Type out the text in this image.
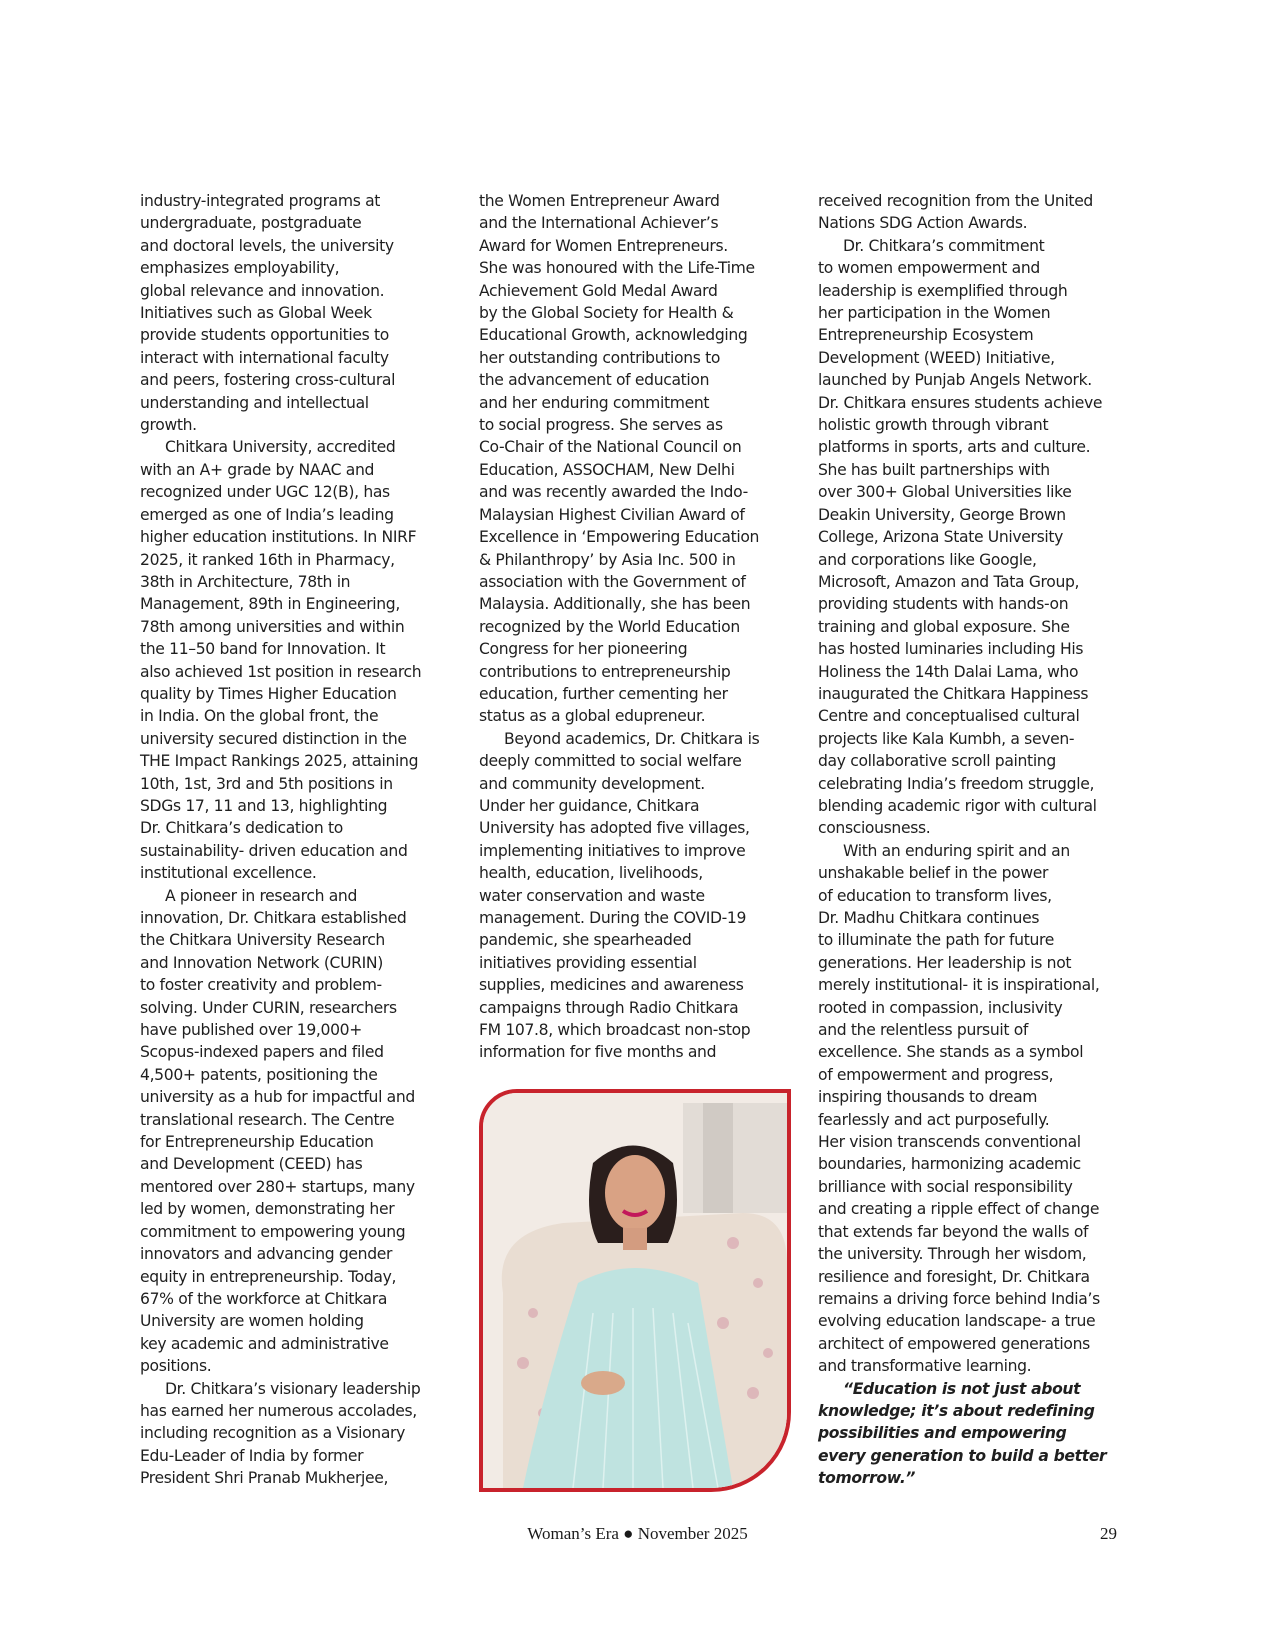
industry-integrated programs at
undergraduate, postgraduate
and doctoral levels, the university
emphasizes employability,
global relevance and innovation.
Initiatives such as Global Week
provide students opportunities to
interact with international faculty
and peers, fostering cross-cultural
understanding and intellectual
growth.
Chitkara University, accredited
with an A+ grade by NAAC and
recognized under UGC 12(B), has
emerged as one of India’s leading
higher education institutions. In NIRF
2025, it ranked 16th in Pharmacy,
38th in Architecture, 78th in
Management, 89th in Engineering,
78th among universities and within
the 11–50 band for Innovation. It
also achieved 1st position in research
quality by Times Higher Education
in India. On the global front, the
university secured distinction in the
THE Impact Rankings 2025, attaining
10th, 1st, 3rd and 5th positions in
SDGs 17, 11 and 13, highlighting
Dr. Chitkara’s dedication to
sustainability- driven education and
institutional excellence.
A pioneer in research and
innovation, Dr. Chitkara established
the Chitkara University Research
and Innovation Network (CURIN)
to foster creativity and problem-
solving. Under CURIN, researchers
have published over 19,000+
Scopus-indexed papers and filed
4,500+ patents, positioning the
university as a hub for impactful and
translational research. The Centre
for Entrepreneurship Education
and Development (CEED) has
mentored over 280+ startups, many
led by women, demonstrating her
commitment to empowering young
innovators and advancing gender
equity in entrepreneurship. Today,
67% of the workforce at Chitkara
University are women holding
key academic and administrative
positions.
Dr. Chitkara’s visionary leadership
has earned her numerous accolades,
including recognition as a Visionary
Edu-Leader of India by former
President Shri Pranab Mukherjee,
the Women Entrepreneur Award
and the International Achiever’s
Award for Women Entrepreneurs.
She was honoured with the Life-Time
Achievement Gold Medal Award
by the Global Society for Health &
Educational Growth, acknowledging
her outstanding contributions to
the advancement of education
and her enduring commitment
to social progress. She serves as
Co-Chair of the National Council on
Education, ASSOCHAM, New Delhi
and was recently awarded the Indo-
Malaysian Highest Civilian Award of
Excellence in ‘Empowering Education
& Philanthropy’ by Asia Inc. 500 in
association with the Government of
Malaysia. Additionally, she has been
recognized by the World Education
Congress for her pioneering
contributions to entrepreneurship
education, further cementing her
status as a global edupreneur.
Beyond academics, Dr. Chitkara is
deeply committed to social welfare
and community development.
Under her guidance, Chitkara
University has adopted five villages,
implementing initiatives to improve
health, education, livelihoods,
water conservation and waste
management. During the COVID-19
pandemic, she spearheaded
initiatives providing essential
supplies, medicines and awareness
campaigns through Radio Chitkara
FM 107.8, which broadcast non-stop
information for five months and
received recognition from the United
Nations SDG Action Awards.
Dr. Chitkara’s commitment
to women empowerment and
leadership is exemplified through
her participation in the Women
Entrepreneurship Ecosystem
Development (WEED) Initiative,
launched by Punjab Angels Network.
Dr. Chitkara ensures students achieve
holistic growth through vibrant
platforms in sports, arts and culture.
She has built partnerships with
over 300+ Global Universities like
Deakin University, George Brown
College, Arizona State University
and corporations like Google,
Microsoft, Amazon and Tata Group,
providing students with hands-on
training and global exposure. She
has hosted luminaries including His
Holiness the 14th Dalai Lama, who
inaugurated the Chitkara Happiness
Centre and conceptualised cultural
projects like Kala Kumbh, a seven-
day collaborative scroll painting
celebrating India’s freedom struggle,
blending academic rigor with cultural
consciousness.
With an enduring spirit and an
unshakable belief in the power
of education to transform lives,
Dr. Madhu Chitkara continues
to illuminate the path for future
generations. Her leadership is not
merely institutional- it is inspirational,
rooted in compassion, inclusivity
and the relentless pursuit of
excellence. She stands as a symbol
of empowerment and progress,
inspiring thousands to dream
fearlessly and act purposefully.
Her vision transcends conventional
boundaries, harmonizing academic
brilliance with social responsibility
and creating a ripple effect of change
that extends far beyond the walls of
the university. Through her wisdom,
resilience and foresight, Dr. Chitkara
remains a driving force behind India’s
evolving education landscape- a true
architect of empowered generations
and transformative learning.
“Education is not just about
knowledge; it’s about redefining
possibilities and empowering
every generation to build a better
tomorrow.”
Woman’s Era ● November 2025	29
